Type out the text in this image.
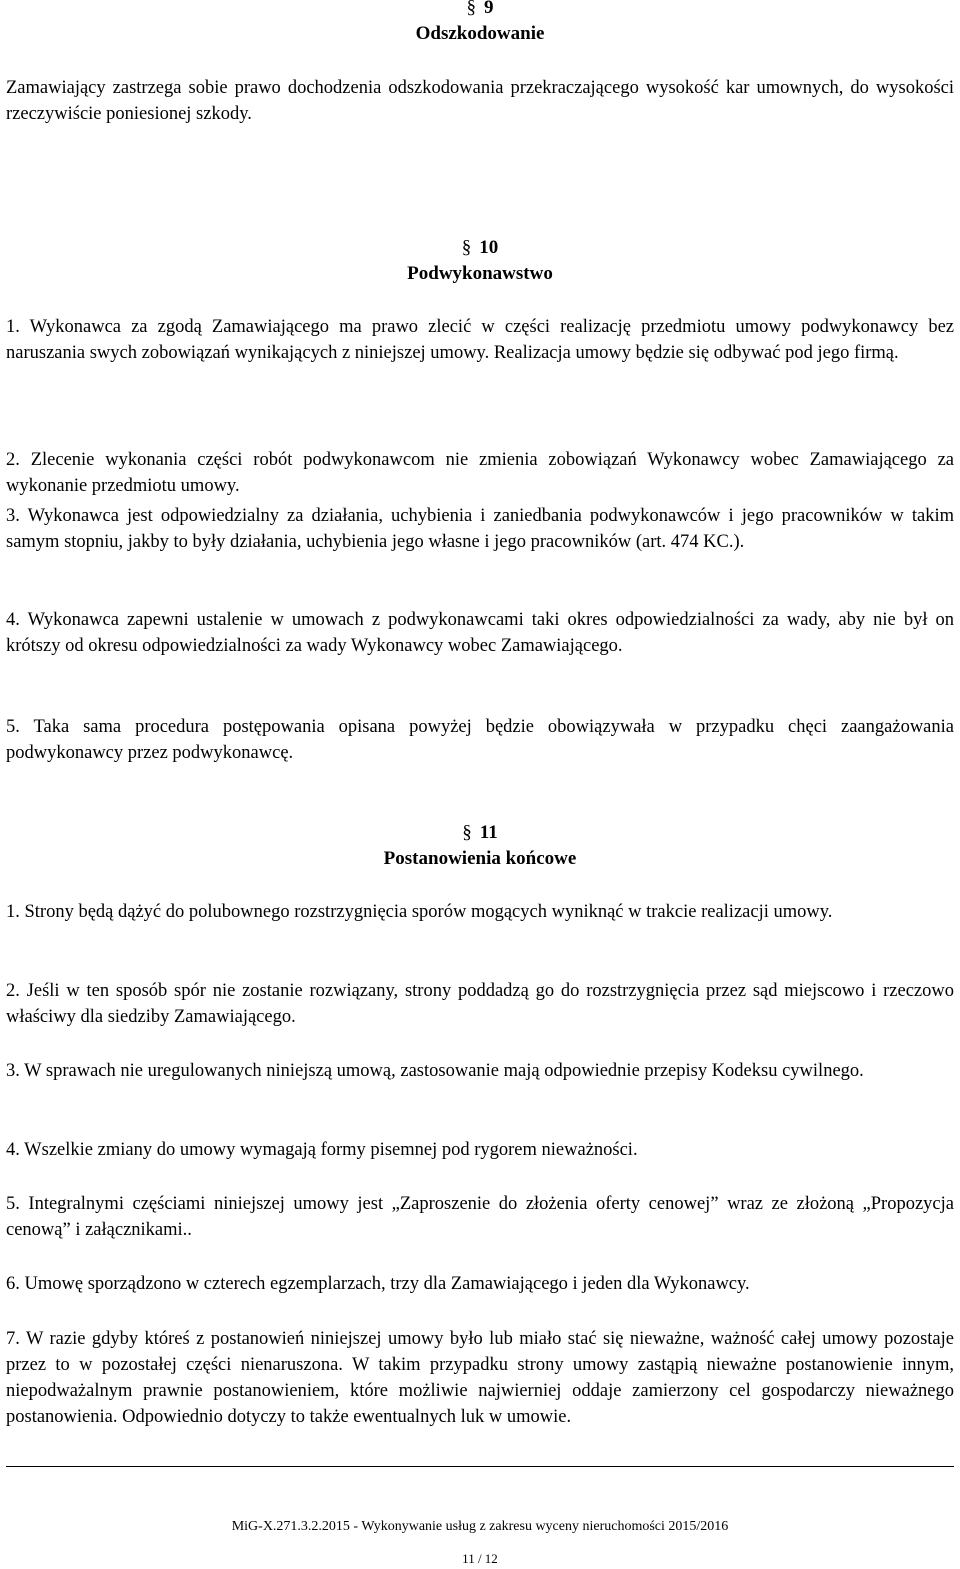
§ 9
Odszkodowanie

Zamawiający zastrzega sobie prawo dochodzenia odszkodowania przekraczającego wysokość kar umownych, do wysokości rzeczywiście poniesionej szkody.

§ 10
Podwykonawstwo

1. Wykonawca za zgodą Zamawiającego ma prawo zlecić w części realizację przedmiotu umowy podwykonawcy bez naruszania swych zobowiązań wynikających z niniejszej umowy. Realizacja umowy będzie się odbywać pod jego firmą.

2. Zlecenie wykonania części robót podwykonawcom nie zmienia zobowiązań Wykonawcy wobec Zamawiającego za wykonanie przedmiotu umowy.

3. Wykonawca jest odpowiedzialny za działania, uchybienia i zaniedbania podwykonawców i jego pracowników w takim samym stopniu, jakby to były działania, uchybienia jego własne i jego pracowników (art. 474 KC.).

4. Wykonawca zapewni ustalenie w umowach z podwykonawcami taki okres odpowiedzialności za wady, aby nie był on krótszy od okresu odpowiedzialności za wady Wykonawcy wobec Zamawiającego.

5. Taka sama procedura postępowania opisana powyżej będzie obowiązywała w przypadku chęci zaangażowania podwykonawcy przez podwykonawcę.

§ 11
Postanowienia końcowe

1. Strony będą dążyć do polubownego rozstrzygnięcia sporów mogących wyniknąć w trakcie realizacji umowy.

2. Jeśli w ten sposób spór nie zostanie rozwiązany, strony poddadzą go do rozstrzygnięcia przez sąd miejscowo i rzeczowo właściwy dla siedziby Zamawiającego.

3. W sprawach nie uregulowanych niniejszą umową, zastosowanie mają odpowiednie przepisy Kodeksu cywilnego.

4. Wszelkie zmiany do umowy wymagają formy pisemnej pod rygorem nieważności.

5. Integralnymi częściami niniejszej umowy jest „Zaproszenie do złożenia oferty cenowej” wraz ze złożoną „Propozycja cenową” i załącznikami..

6. Umowę sporządzono w czterech egzemplarzach, trzy dla Zamawiającego i jeden dla Wykonawcy.

7. W razie gdyby któreś z postanowień niniejszej umowy było lub miało stać się nieważne, ważność całej umowy pozostaje przez to w pozostałej części nienaruszona. W takim przypadku strony umowy zastąpią nieważne postanowienie innym, niepodważalnym prawnie postanowieniem, które możliwie najwierniej oddaje zamierzony cel gospodarczy nieważnego postanowienia. Odpowiednio dotyczy to także ewentualnych luk w umowie.

MiG-X.271.3.2.2015 - Wykonywanie usług z zakresu wyceny nieruchomości 2015/2016
11 / 12
